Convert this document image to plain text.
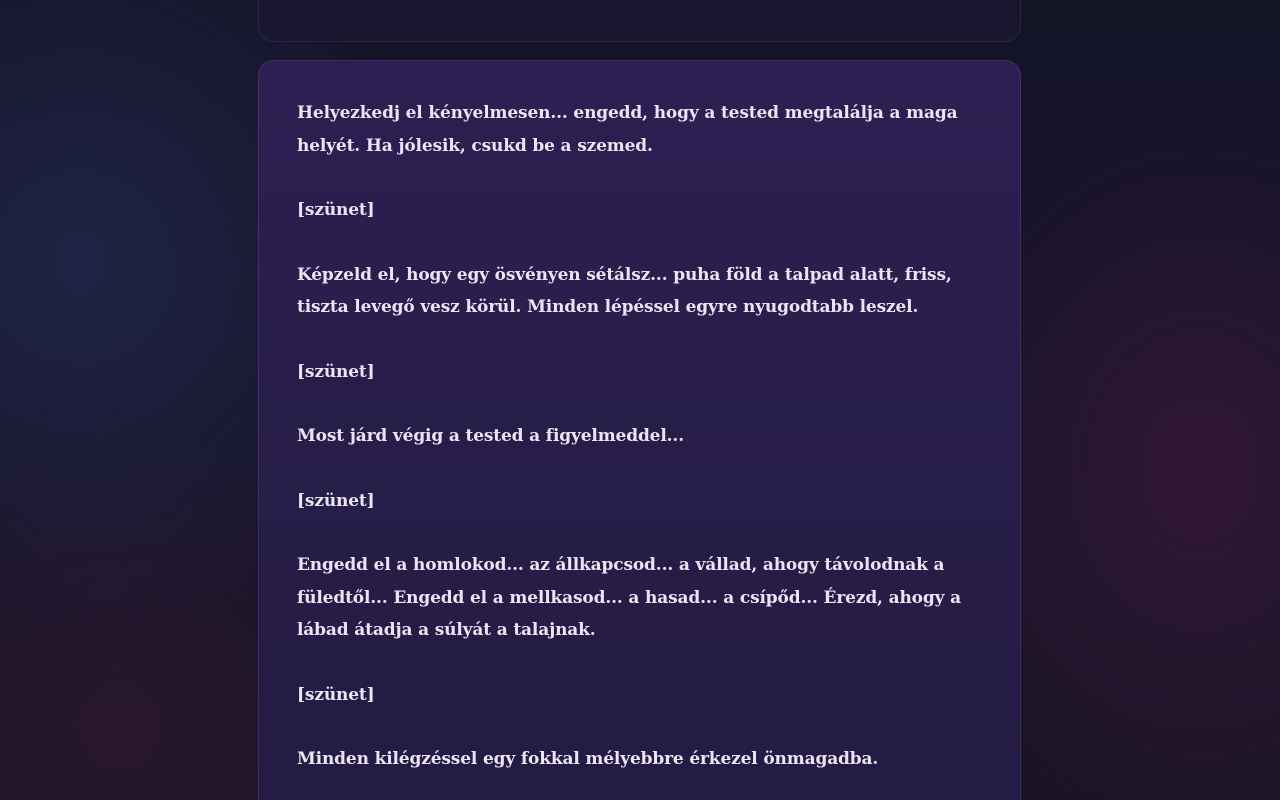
Helyezkedj el kényelmesen... engedd, hogy a tested megtalálja a maga helyét. Ha jólesik, csukd be a szemed.

[szünet]

Képzeld el, hogy egy ösvényen sétálsz... puha föld a talpad alatt, friss, tiszta levegő vesz körül. Minden lépéssel egyre nyugodtabb leszel.

[szünet]

Most járd végig a tested a figyelmeddel...

[szünet]

Engedd el a homlokod... az állkapcsod... a vállad, ahogy távolodnak a füledtől... Engedd el a mellkasod... a hasad... a csípőd... Érezd, ahogy a lábad átadja a súlyát a talajnak.

[szünet]

Minden kilégzéssel egy fokkal mélyebbre érkezel önmagadba.
